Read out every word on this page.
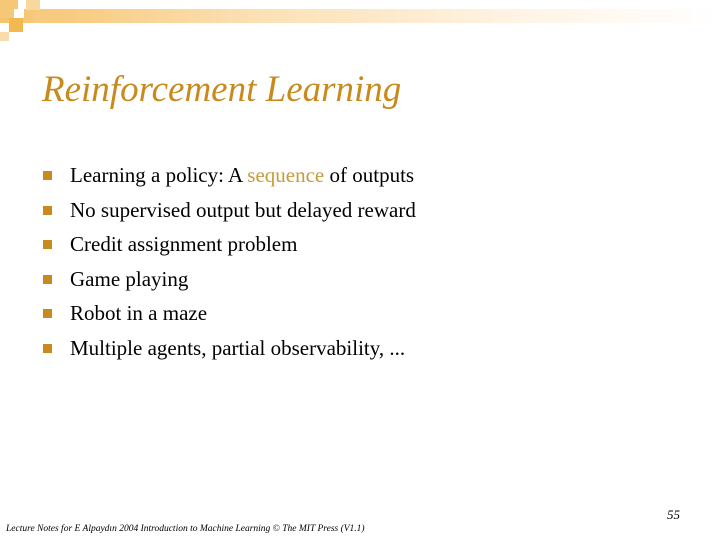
Reinforcement Learning
Learning a policy: A sequence of outputs
No supervised output but delayed reward
Credit assignment problem
Game playing
Robot in a maze
Multiple agents, partial observability, ...
55
Lecture Notes for E Alpaydın 2004 Introduction to Machine Learning © The MIT Press (V1.1)
